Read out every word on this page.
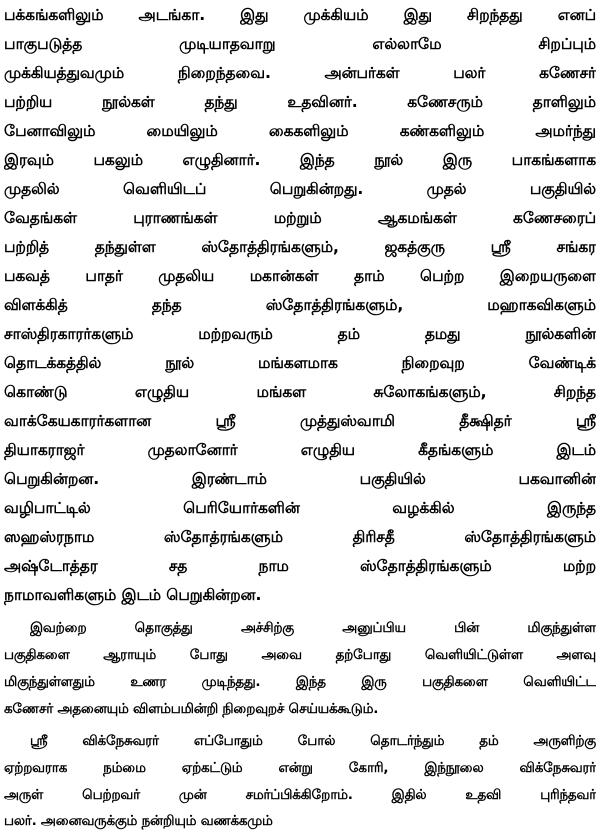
பக்கங்களிலும் அடங்கா. இது முக்கியம் இது சிறந்தது எனப்
பாகுபடுத்த முடியாதவாறு எல்லாமே சிறப்பும்
முக்கியத்துவமும் நிறைந்தவை. அன்பர்கள் பலர் கணேசர்
பற்றிய நூல்கள் தந்து உதவினர். கணேசரும் தாளிலும்
பேனாவிலும் மையிலும் கைகளிலும் கண்களிலும் அமர்ந்து
இரவும் பகலும் எழுதினார். இந்த நூல் இரு பாகங்களாக
முதலில் வெளியிடப் பெறுகின்றது. முதல் பகுதியில்
வேதங்கள் புராணங்கள் மற்றும் ஆகமங்கள் கணேசரைப்
பற்றித் தந்துள்ள ஸ்தோத்திரங்களும், ஜகத்குரு ஸ்ரீ சங்கர
பகவத் பாதர் முதலிய மகான்கள் தாம் பெற்ற இறையருளை
விளக்கித் தந்த ஸ்தோத்திரங்களும், மஹாகவிகளும்
சாஸ்திரகாரர்களும் மற்றவரும் தம் தமது நூல்களின்
தொடக்கத்தில் நூல் மங்களமாக நிறைவுற வேண்டிக்
கொண்டு எழுதிய மங்கள சுலோகங்களும், சிறந்த
வாக்கேயகாரர்களான ஸ்ரீ முத்துஸ்வாமி தீக்ஷிதர் ஸ்ரீ
தியாகராஜர் முதலானோர் எழுதிய கீதங்களும் இடம்
பெறுகின்றன. இரண்டாம் பகுதியில் பகவானின்
வழிபாட்டில் பெரியோர்களின் வழக்கில் இருந்த
ஸஹஸ்ரநாம ஸ்தோத்ரங்களும் திரிசதீ ஸ்தோத்திரங்களும்
அஷ்டோத்தர சத நாம ஸ்தோத்திரங்களும் மற்ற
நாமாவளிகளும் இடம் பெறுகின்றன.
இவற்றை தொகுத்து அச்சிற்கு அனுப்பிய பின் மிகுந்துள்ள
பகுதிகளை ஆராயும் போது அவை தற்போது வெளியிட்டுள்ள அளவு
மிகுந்துள்ளதும் உணர முடிந்தது. இந்த இரு பகுதிகளை வெளியிட்ட
கணேசர் அதனையும் விளம்பமின்றி நிறைவுறச் செய்யக்கூடும்.
ஸ்ரீ விக்நேசுவரர் எப்போதும் போல் தொடர்ந்தும் தம் அருளிற்கு
ஏற்றவராக நம்மை ஏற்கட்டும் என்று கோரி, இந்நூலை விக்நேசுவரர்
அருள் பெற்றவர் முன் சமர்ப்பிக்கிறோம். இதில் உதவி புரிந்தவர்
பலர். அனைவருக்கும் நன்றியும் வணக்கமும்
